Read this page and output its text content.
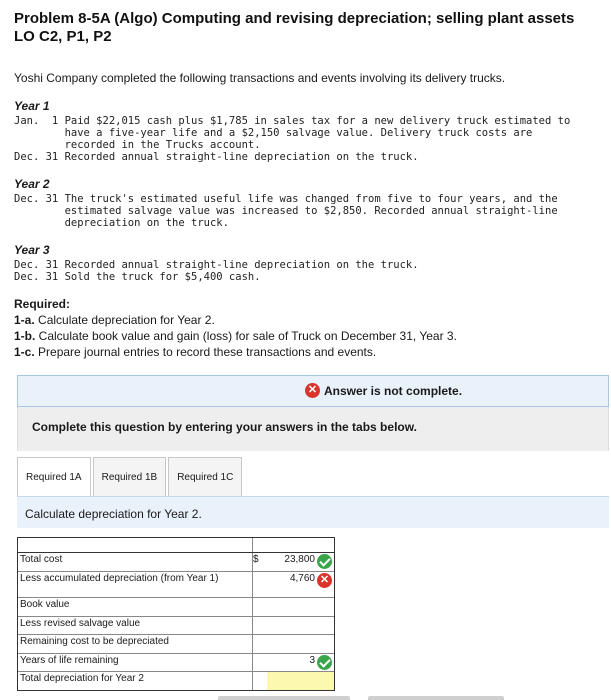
Problem 8-5A (Algo) Computing and revising depreciation; selling plant assets
LO C2, P1, P2
Yoshi Company completed the following transactions and events involving its delivery trucks.
Year 1
Jan.  1 Paid $22,015 cash plus $1,785 in sales tax for a new delivery truck estimated to
have a five-year life and a $2,150 salvage value. Delivery truck costs are
recorded in the Trucks account.
Dec. 31 Recorded annual straight-line depreciation on the truck.
Year 2
Dec. 31 The truck's estimated useful life was changed from five to four years, and the
estimated salvage value was increased to $2,850. Recorded annual straight-line
depreciation on the truck.
Year 3
Dec. 31 Recorded annual straight-line depreciation on the truck.
Dec. 31 Sold the truck for $5,400 cash.
Required:
1-a. Calculate depreciation for Year 2.
1-b. Calculate book value and gain (loss) for sale of Truck on December 31, Year 3.
1-c. Prepare journal entries to record these transactions and events.
✕ Answer is not complete.
Complete this question by entering your answers in the tabs below.
Required 1A	Required 1B	Required 1C
Calculate depreciation for Year 2.
Total cost	$	23,800
Less accumulated depreciation (from Year 1)	4,760 ✕
Book value
Less revised salvage value
Remaining cost to be depreciated
Years of life remaining	3
Total depreciation for Year 2
